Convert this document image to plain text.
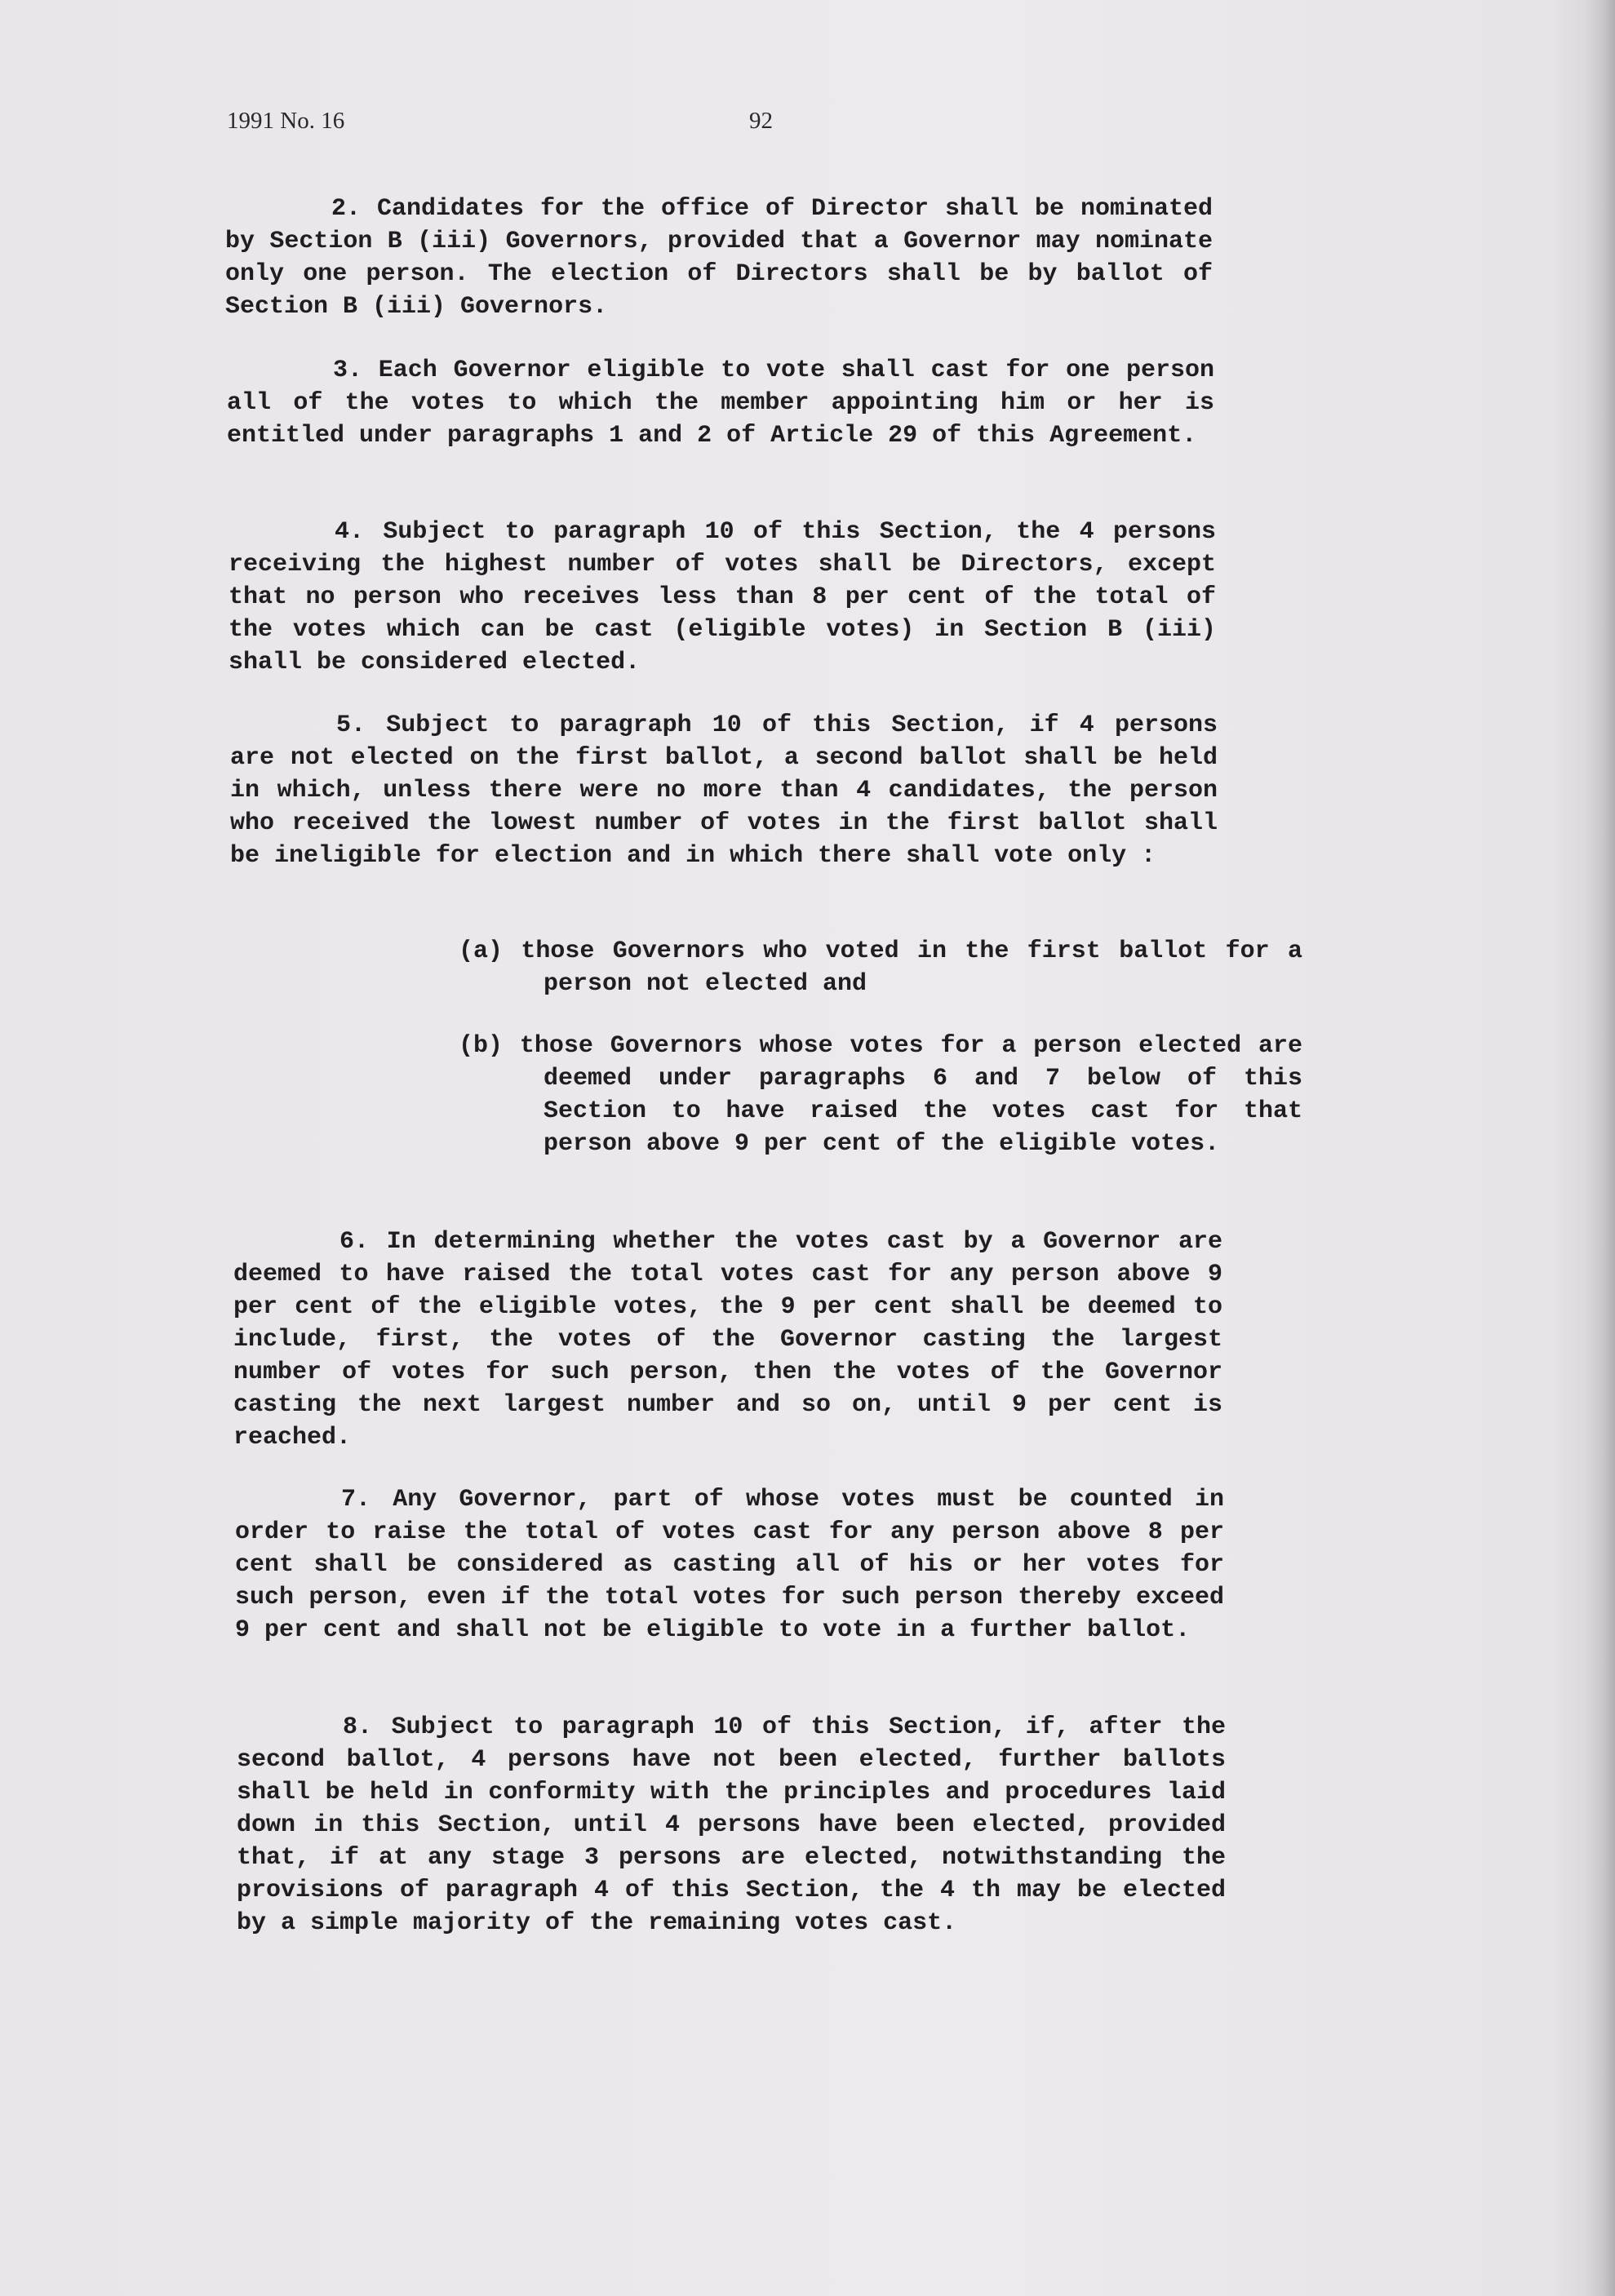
1991 No. 16	92
2. Candidates for the office of Director shall be nominated by Section B (iii) Governors, provided that a Governor may nominate only one person. The election of Directors shall be by ballot of Section B (iii) Governors.
3. Each Governor eligible to vote shall cast for one person all of the votes to which the member appointing him or her is entitled under paragraphs 1 and 2 of Article 29 of this Agreement.
4. Subject to paragraph 10 of this Section, the 4 persons receiving the highest number of votes shall be Directors, except that no person who receives less than 8 per cent of the total of the votes which can be cast (eligible votes) in Section B (iii) shall be considered elected.
5. Subject to paragraph 10 of this Section, if 4 persons are not elected on the first ballot, a second ballot shall be held in which, unless there were no more than 4 candidates, the person who received the lowest number of votes in the first ballot shall be ineligible for election and in which there shall vote only :
(a) those Governors who voted in the first ballot for a person not elected and
(b) those Governors whose votes for a person elected are deemed under paragraphs 6 and 7 below of this Section to have raised the votes cast for that person above 9 per cent of the eligible votes.
6. In determining whether the votes cast by a Governor are deemed to have raised the total votes cast for any person above 9 per cent of the eligible votes, the 9 per cent shall be deemed to include, first, the votes of the Governor casting the largest number of votes for such person, then the votes of the Governor casting the next largest number and so on, until 9 per cent is reached.
7. Any Governor, part of whose votes must be counted in order to raise the total of votes cast for any person above 8 per cent shall be considered as casting all of his or her votes for such person, even if the total votes for such person thereby exceed 9 per cent and shall not be eligible to vote in a further ballot.
8. Subject to paragraph 10 of this Section, if, after the second ballot, 4 persons have not been elected, further ballots shall be held in conformity with the principles and procedures laid down in this Section, until 4 persons have been elected, provided that, if at any stage 3 persons are elected, notwithstanding the provisions of paragraph 4 of this Section, the 4 th may be elected by a simple majority of the remaining votes cast.
